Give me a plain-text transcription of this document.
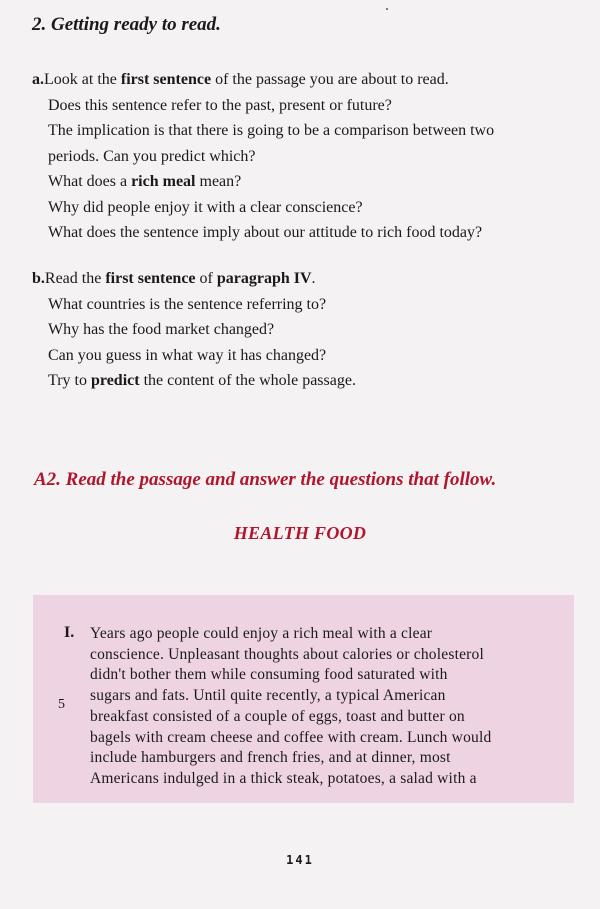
2. Getting ready to read.
a.Look at the first sentence of the passage you are about to read.
Does this sentence refer to the past, present or future?
The implication is that there is going to be a comparison between two
periods. Can you predict which?
What does a rich meal mean?
Why did people enjoy it with a clear conscience?
What does the sentence imply about our attitude to rich food today?
b.Read the first sentence of paragraph IV.
What countries is the sentence referring to?
Why has the food market changed?
Can you guess in what way it has changed?
Try to predict the content of the whole passage.
A2. Read the passage and answer the questions that follow.
HEALTH FOOD
I.
5
Years ago people could enjoy a rich meal with a clear
conscience. Unpleasant thoughts about calories or cholesterol
didn't bother them while consuming food saturated with
sugars and fats. Until quite recently, a typical American
breakfast consisted of a couple of eggs, toast and butter on
bagels with cream cheese and coffee with cream. Lunch would
include hamburgers and french fries, and at dinner, most
Americans indulged in a thick steak, potatoes, a salad with a
141
